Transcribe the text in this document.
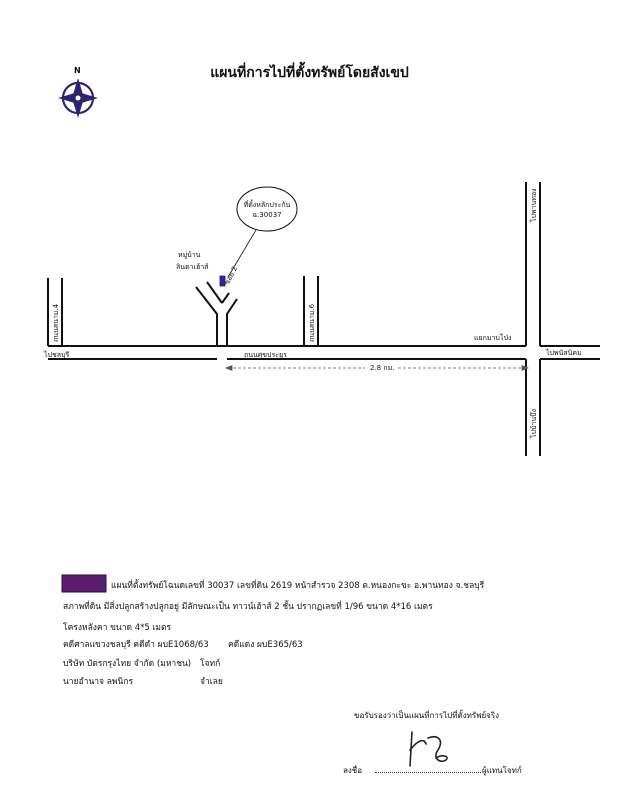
แผนที่การไปที่ตั้งทรัพย์โดยสังเขป
N
ที่ตั้งหลักประกัน
ฉ.30037
หมู่บ้าน
ลินดาเฮ้าส์ ซอย 2
ถนนสนาม.4	ถนนสนาม.6
ไปชลบุรี	ถนนศุขประยูร
แยกมาบโป่ง
ไปพนัสนิคม
2.8 กม.
ไปพานทอง
ไปบ้านบึง
แผนที่ตั้งทรัพย์โฉนดเลขที่ 30037 เลขที่ดิน 2619 หน้าสำรวจ 2308 ต.หนองกะขะ อ.พานทอง จ.ชลบุรี
สภาพที่ดิน มีสิ่งปลูกสร้างปลูกอยู่ มีลักษณะเป็น ทาวน์เฮ้าส์ 2 ชั้น ปรากฏเลขที่ 1/96 ขนาด 4*16 เมตร
โครงหลังคา ขนาด 4*5 เมตร
คดีศาลแขวงชลบุรี คดีดำ ผบE1068/63 คดีแดง ผบE365/63
บริษัท บัตรกรุงไทย จำกัด (มหาชน) โจทก์
นายอำนาจ ลพนิกร	จำเลย
ขอรับรองว่าเป็นแผนที่การไปที่ตั้งทรัพย์จริง
ลงชื่อ	ผู้แทนโจทก์
